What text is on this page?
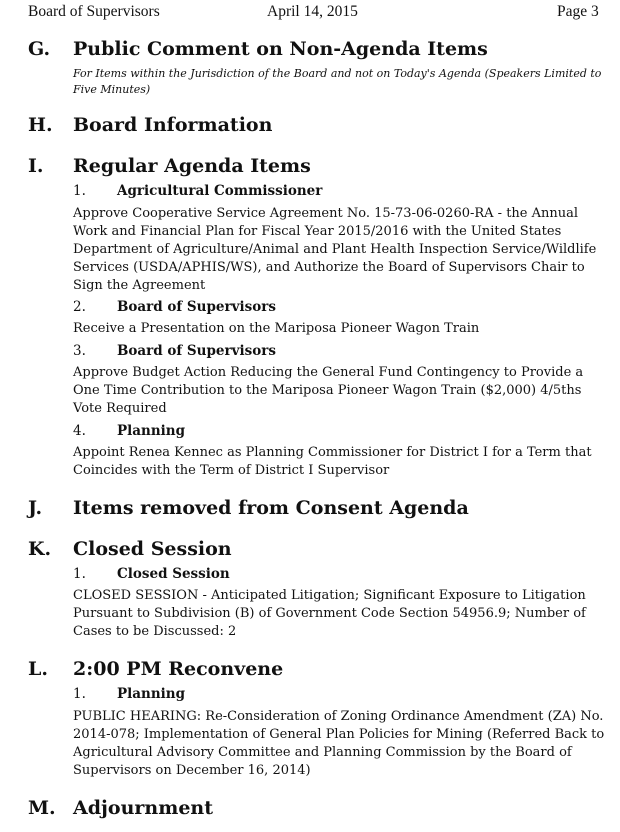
Board of Supervisors	April 14, 2015	Page 3
G. Public Comment on Non-Agenda Items
For Items within the Jurisdiction of the Board and not on Today's Agenda (Speakers Limited to Five Minutes)
H. Board Information
I. Regular Agenda Items
1. Agricultural Commissioner
Approve Cooperative Service Agreement No. 15-73-06-0260-RA - the Annual Work and Financial Plan for Fiscal Year 2015/2016 with the United States Department of Agriculture/Animal and Plant Health Inspection Service/Wildlife Services (USDA/APHIS/WS), and Authorize the Board of Supervisors Chair to Sign the Agreement
2. Board of Supervisors
Receive a Presentation on the Mariposa Pioneer Wagon Train
3. Board of Supervisors
Approve Budget Action Reducing the General Fund Contingency to Provide a One Time Contribution to the Mariposa Pioneer Wagon Train ($2,000) 4/5ths Vote Required
4. Planning
Appoint Renea Kennec as Planning Commissioner for District I for a Term that Coincides with the Term of District I Supervisor
J. Items removed from Consent Agenda
K. Closed Session
1. Closed Session
CLOSED SESSION - Anticipated Litigation; Significant Exposure to Litigation Pursuant to Subdivision (B) of Government Code Section 54956.9; Number of Cases to be Discussed: 2
L. 2:00 PM Reconvene
1. Planning
PUBLIC HEARING: Re-Consideration of Zoning Ordinance Amendment (ZA) No. 2014-078; Implementation of General Plan Policies for Mining (Referred Back to Agricultural Advisory Committee and Planning Commission by the Board of Supervisors on December 16, 2014)
M. Adjournment
